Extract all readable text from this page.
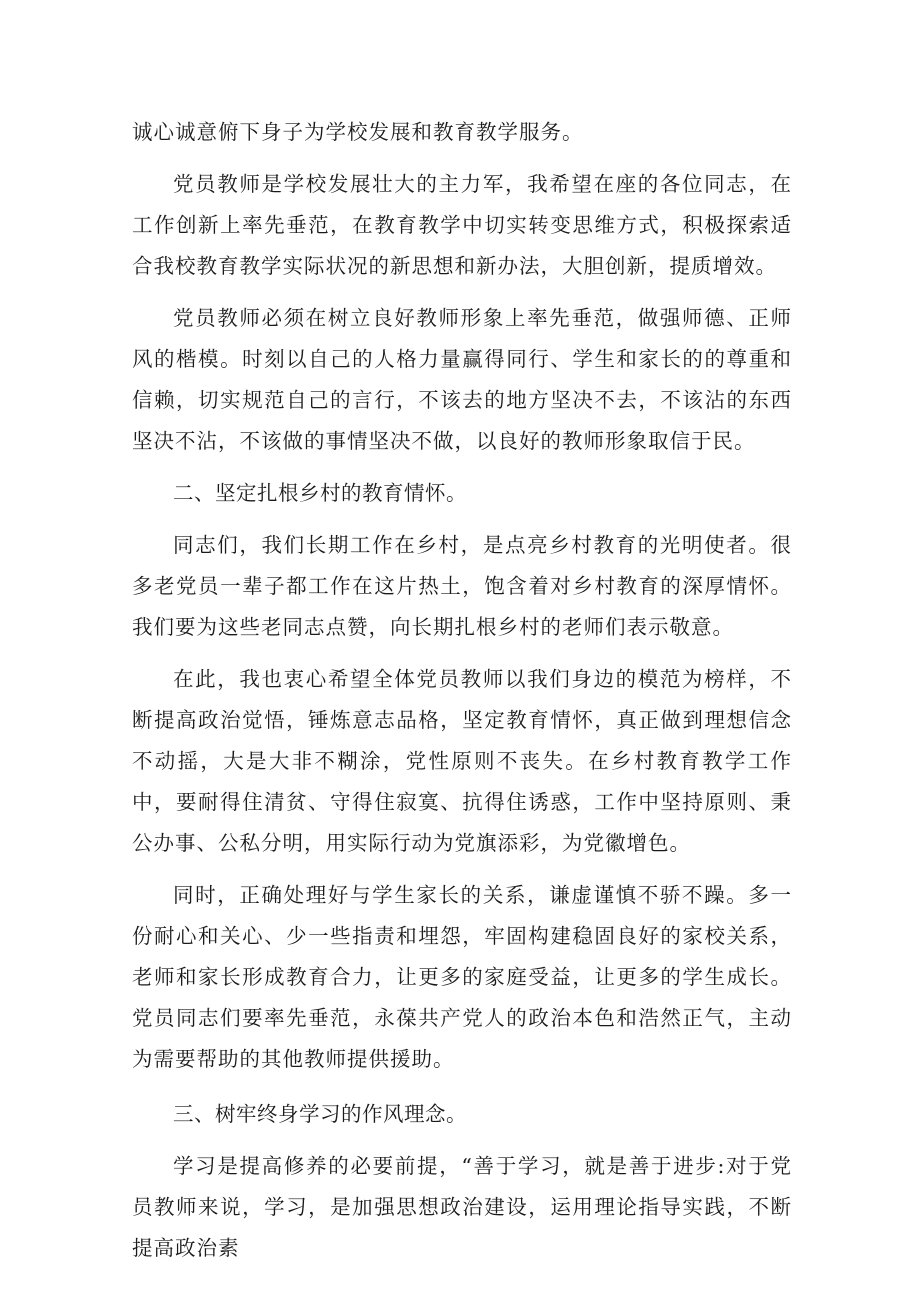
诚心诚意俯下身子为学校发展和教育教学服务。

党员教师是学校发展壮大的主力军，我希望在座的各位同志，在工作创新上率先垂范，在教育教学中切实转变思维方式，积极探索适合我校教育教学实际状况的新思想和新办法，大胆创新，提质增效。

党员教师必须在树立良好教师形象上率先垂范，做强师德、正师风的楷模。时刻以自己的人格力量赢得同行、学生和家长的的尊重和信赖，切实规范自己的言行，不该去的地方坚决不去，不该沾的东西坚决不沾，不该做的事情坚决不做，以良好的教师形象取信于民。

二、坚定扎根乡村的教育情怀。

同志们，我们长期工作在乡村，是点亮乡村教育的光明使者。很多老党员一辈子都工作在这片热土，饱含着对乡村教育的深厚情怀。我们要为这些老同志点赞，向长期扎根乡村的老师们表示敬意。

在此，我也衷心希望全体党员教师以我们身边的模范为榜样，不断提高政治觉悟，锤炼意志品格，坚定教育情怀，真正做到理想信念不动摇，大是大非不糊涂，党性原则不丧失。在乡村教育教学工作中，要耐得住清贫、守得住寂寞、抗得住诱惑，工作中坚持原则、秉公办事、公私分明，用实际行动为党旗添彩，为党徽增色。

同时，正确处理好与学生家长的关系，谦虚谨慎不骄不躁。多一份耐心和关心、少一些指责和埋怨，牢固构建稳固良好的家校关系，老师和家长形成教育合力，让更多的家庭受益，让更多的学生成长。党员同志们要率先垂范，永葆共产党人的政治本色和浩然正气，主动为需要帮助的其他教师提供援助。

三、树牢终身学习的作风理念。

学习是提高修养的必要前提，“善于学习，就是善于进步:对于党员教师来说，学习，是加强思想政治建设，运用理论指导实践，不断提高政治素
